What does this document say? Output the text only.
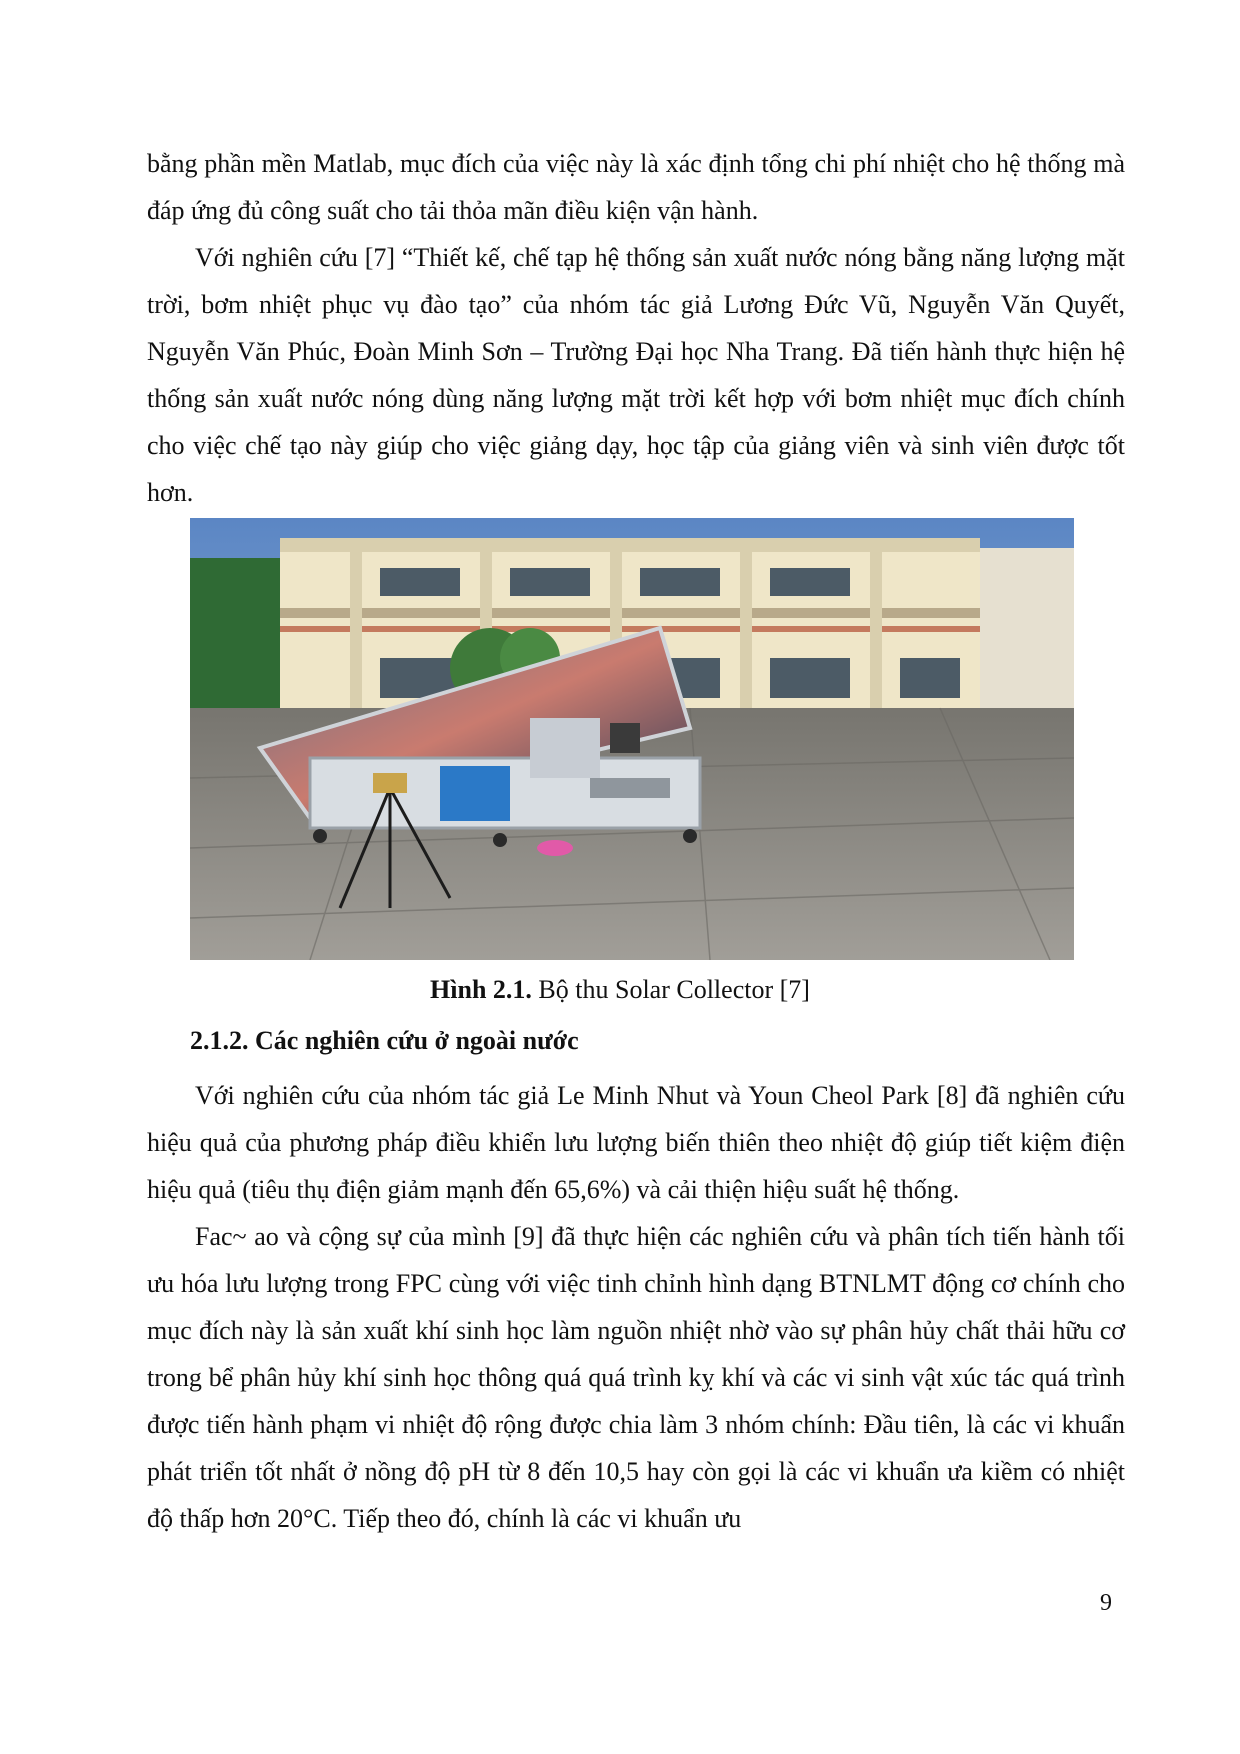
bằng phần mền Matlab, mục đích của việc này là xác định tổng chi phí nhiệt cho hệ thống mà đáp ứng đủ công suất cho tải thỏa mãn điều kiện vận hành.

Với nghiên cứu [7] “Thiết kế, chế tạp hệ thống sản xuất nước nóng bằng năng lượng mặt trời, bơm nhiệt phục vụ đào tạo” của nhóm tác giả Lương Đức Vũ, Nguyễn Văn Quyết, Nguyễn Văn Phúc, Đoàn Minh Sơn – Trường Đại học Nha Trang. Đã tiến hành thực hiện hệ thống sản xuất nước nóng dùng năng lượng mặt trời kết hợp với bơm nhiệt mục đích chính cho việc chế tạo này giúp cho việc giảng dạy, học tập của giảng viên và sinh viên được tốt hơn.

Hình 2.1. Bộ thu Solar Collector [7]
2.1.2. Các nghiên cứu ở ngoài nước

Với nghiên cứu của nhóm tác giả Le Minh Nhut và Youn Cheol Park [8] đã nghiên cứu hiệu quả của phương pháp điều khiển lưu lượng biến thiên theo nhiệt độ giúp tiết kiệm điện hiệu quả (tiêu thụ điện giảm mạnh đến 65,6%) và cải thiện hiệu suất hệ thống.

Fac~ ao và cộng sự của mình [9] đã thực hiện các nghiên cứu và phân tích tiến hành tối ưu hóa lưu lượng trong FPC cùng với việc tinh chỉnh hình dạng BTNLMT động cơ chính cho mục đích này là sản xuất khí sinh học làm nguồn nhiệt nhờ vào sự phân hủy chất thải hữu cơ trong bể phân hủy khí sinh học thông quá quá trình kỵ khí và các vi sinh vật xúc tác quá trình được tiến hành phạm vi nhiệt độ rộng được chia làm 3 nhóm chính: Đầu tiên, là các vi khuẩn phát triển tốt nhất ở nồng độ pH từ 8 đến 10,5 hay còn gọi là các vi khuẩn ưa kiềm có nhiệt độ thấp hơn 20°C. Tiếp theo đó, chính là các vi khuẩn ưu

9
